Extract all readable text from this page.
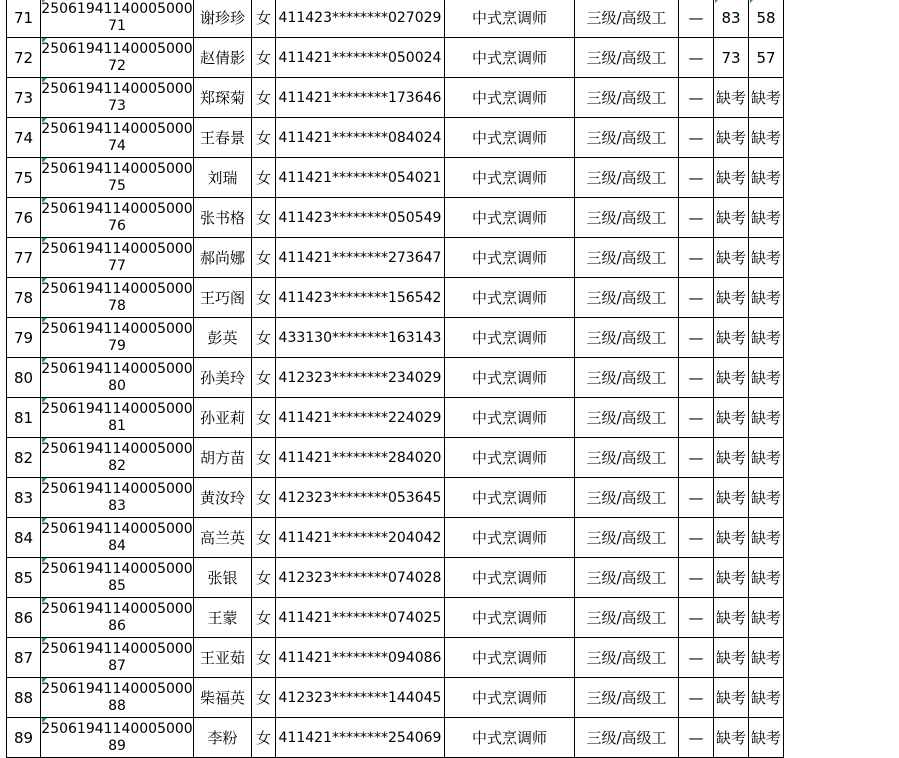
71 2506194114000500071	谢珍珍 女 411423********027029 中式烹调师	三级/高级工 — 83 58
72 2506194114000500072	赵倩影 女 411421********050024 中式烹调师	三级/高级工 — 73 57
73 2506194114000500073	郑琛菊 女 411421********173646 中式烹调师	三级/高级工 — 缺考 缺考
74 2506194114000500074	王春景 女 411421********084024 中式烹调师	三级/高级工 — 缺考 缺考
75 2506194114000500075	刘瑞 女 411421********054021 中式烹调师	三级/高级工 — 缺考 缺考
76 2506194114000500076	张书格 女 411423********050549 中式烹调师	三级/高级工 — 缺考 缺考
77 2506194114000500077	郝尚娜 女 411421********273647 中式烹调师	三级/高级工 — 缺考 缺考
78 2506194114000500078	王巧阁 女 411423********156542 中式烹调师	三级/高级工 — 缺考 缺考
79 2506194114000500079	彭英 女 433130********163143 中式烹调师	三级/高级工 — 缺考 缺考
80 2506194114000500080	孙美玲 女 412323********234029 中式烹调师	三级/高级工 — 缺考 缺考
81 2506194114000500081	孙亚莉 女 411421********224029 中式烹调师	三级/高级工 — 缺考 缺考
82 2506194114000500082	胡方苗 女 411421********284020 中式烹调师	三级/高级工 — 缺考 缺考
83 2506194114000500083	黄汝玲 女 412323********053645 中式烹调师	三级/高级工 — 缺考 缺考
84 2506194114000500084	高兰英 女 411421********204042 中式烹调师	三级/高级工 — 缺考 缺考
85 2506194114000500085	张银 女 412323********074028 中式烹调师	三级/高级工 — 缺考 缺考
86 2506194114000500086	王蒙 女 411421********074025 中式烹调师	三级/高级工 — 缺考 缺考
87 2506194114000500087	王亚茹 女 411421********094086 中式烹调师	三级/高级工 — 缺考 缺考
88 2506194114000500088	柴福英 女 412323********144045 中式烹调师	三级/高级工 — 缺考 缺考
89 2506194114000500089	李粉 女 411421********254069 中式烹调师	三级/高级工 — 缺考 缺考
